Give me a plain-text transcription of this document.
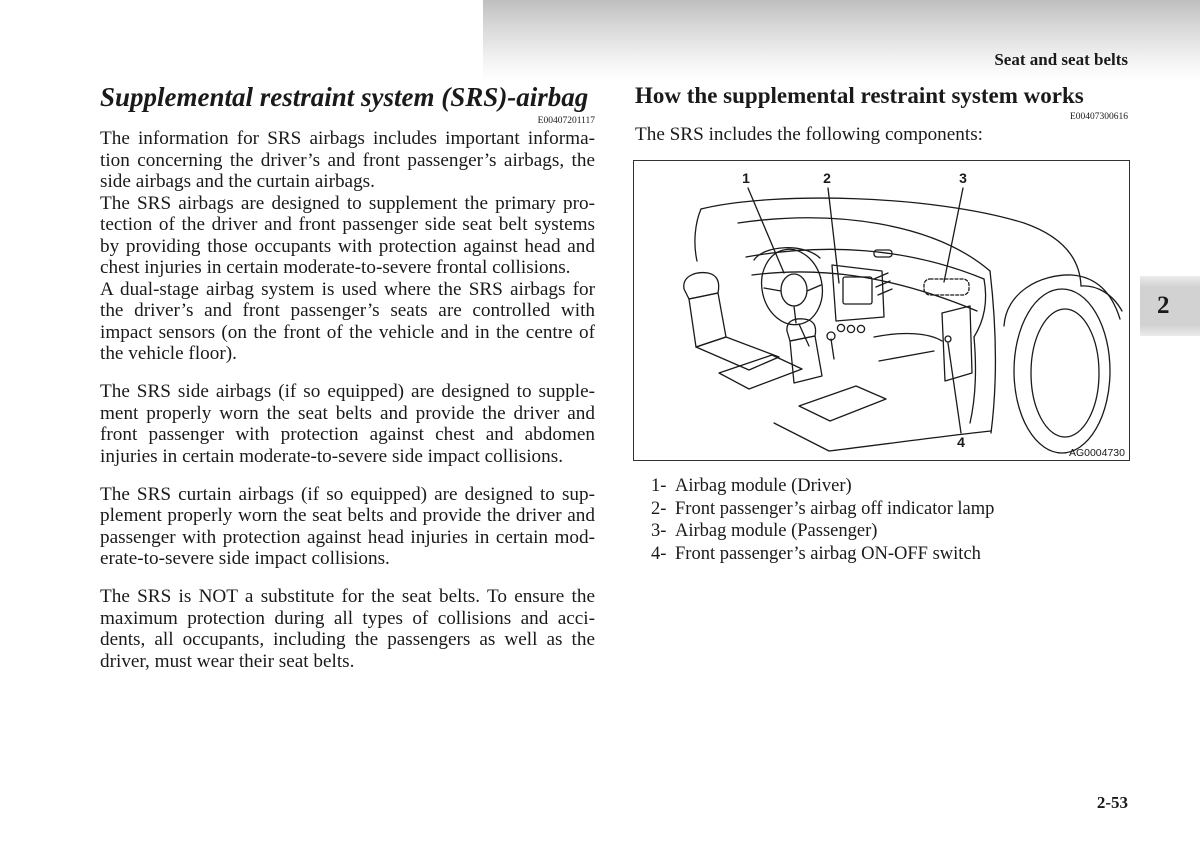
Seat and seat belts
2
Supplemental restraint system (SRS)-airbag
E00407201117
The information for SRS airbags includes important informa-
tion concerning the driver’s and front passenger’s airbags, the
side airbags and the curtain airbags.
The SRS airbags are designed to supplement the primary pro-
tection of the driver and front passenger side seat belt systems
by providing those occupants with protection against head and
chest injuries in certain moderate-to-severe frontal collisions.
A dual-stage airbag system is used where the SRS airbags for
the driver’s and front passenger’s seats are controlled with
impact sensors (on the front of the vehicle and in the centre of
the vehicle floor).
The SRS side airbags (if so equipped) are designed to supple-
ment properly worn the seat belts and provide the driver and
front passenger with protection against chest and abdomen
injuries in certain moderate-to-severe side impact collisions.
The SRS curtain airbags (if so equipped) are designed to sup-
plement properly worn the seat belts and provide the driver and
passenger with protection against head injuries in certain mod-
erate-to-severe side impact collisions.
The SRS is NOT a substitute for the seat belts. To ensure the
maximum protection during all types of collisions and acci-
dents, all occupants, including the passengers as well as the
driver, must wear their seat belts.
How the supplemental restraint system works
E00407300616
The SRS includes the following components:
1	2	3
4
AG0004730
1- Airbag module (Driver)
2- Front passenger’s airbag off indicator lamp
3- Airbag module (Passenger)
4- Front passenger’s airbag ON-OFF switch
2-53
